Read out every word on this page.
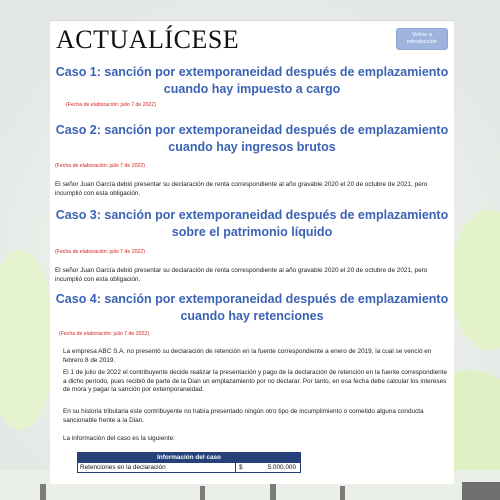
ACTUALÍCESE	Volver a introducción
Caso 1: sanción por extemporaneidad después de emplazamiento cuando hay impuesto a cargo
(Fecha de elaboración: julio 7 de 2022)
Caso 2: sanción por extemporaneidad después de emplazamiento cuando hay ingresos brutos
(Fecha de elaboración: julio 7 de 2022)
El señor Juan García debió presentar su declaración de renta correspondiente al año gravable 2020 el 20 de octubre de 2021, pero incumplió con esta obligación.
Caso 3: sanción por extemporaneidad después de emplazamiento sobre el patrimonio líquido
(Fecha de elaboración: julio 7 de 2022)
El señor Juan García debió presentar su declaración de renta correspondiente al año gravable 2020 el 20 de octubre de 2021, pero incumplió con esta obligación.
Caso 4: sanción por extemporaneidad después de emplazamiento cuando hay retenciones
(Fecha de elaboración: julio 7 de 2022)
La empresa ABC S.A. no presentó su declaración de retención en la fuente correspondiente a enero de 2019, la cual se venció en febrero 8 de 2019.
El 1 de julio de 2022 el contribuyente decide realizar la presentación y pago de la declaración de retención en la fuente correspondiente a dicho período, pues recibió de parte de la Dian un emplazamiento por no declarar. Por tanto, en esa fecha debe calcular los intereses de mora y pagar la sanción por extemporaneidad.
En su historia tributaria este contribuyente no había presentado ningún otro tipo de incumplimiento o cometido alguna conducta sancionable frente a la Dian.
La información del caso es la siguiente:
Información del caso
Retenciones en la declaración	$	5.000.000
